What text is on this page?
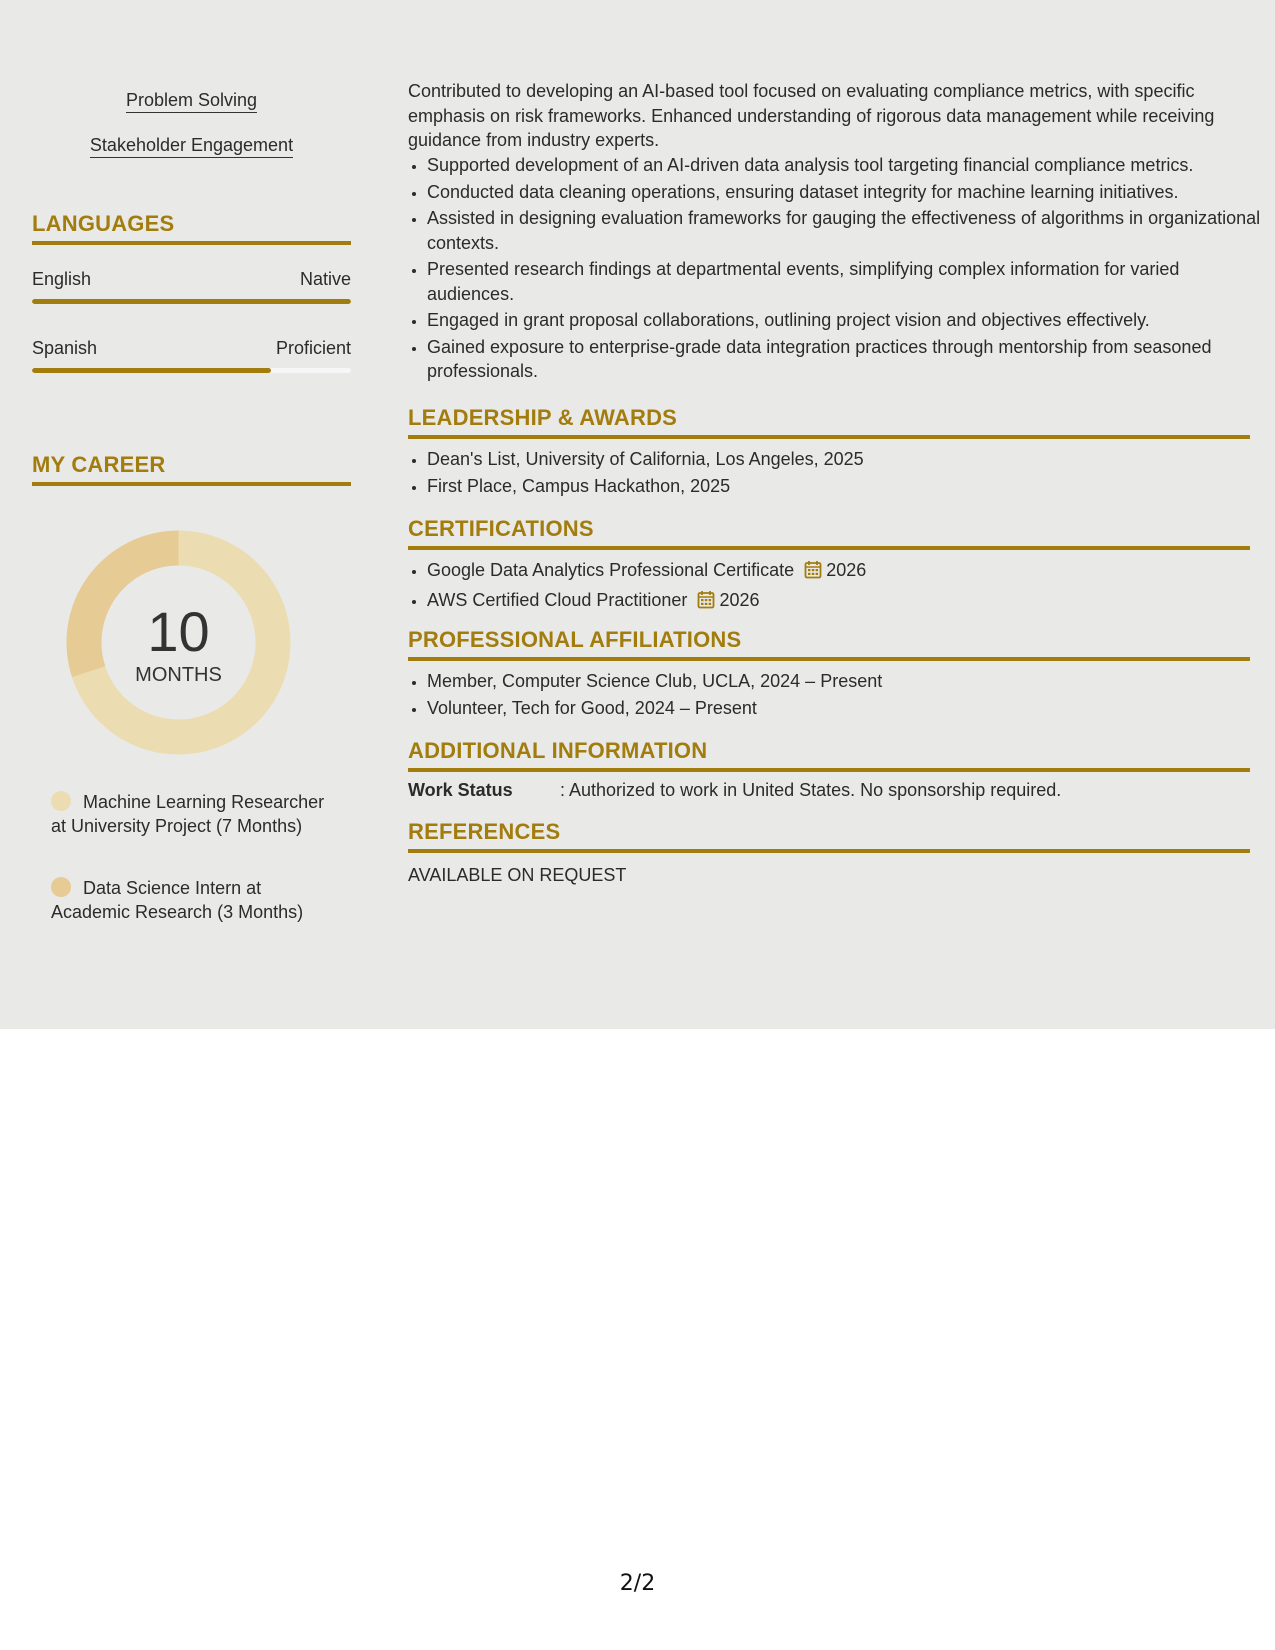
Problem Solving
Stakeholder Engagement
LANGUAGES
English	Native
Spanish	Proficient
MY CAREER
10
MONTHS
Machine Learning Researcher at University Project (7 Months)
Data Science Intern at Academic Research (3 Months)

Contributed to developing an AI-based tool focused on evaluating compliance metrics, with specific emphasis on risk frameworks. Enhanced understanding of rigorous data management while receiving guidance from industry experts.

• Supported development of an AI-driven data analysis tool targeting financial compliance metrics.
• Conducted data cleaning operations, ensuring dataset integrity for machine learning initiatives.
• Assisted in designing evaluation frameworks for gauging the effectiveness of algorithms in organizational contexts.
• Presented research findings at departmental events, simplifying complex information for varied audiences.
• Engaged in grant proposal collaborations, outlining project vision and objectives effectively.
• Gained exposure to enterprise-grade data integration practices through mentorship from seasoned professionals.
LEADERSHIP & AWARDS
• Dean's List, University of California, Los Angeles, 2025
• First Place, Campus Hackathon, 2025
CERTIFICATIONS
• Google Data Analytics Professional Certificate 2026
• AWS Certified Cloud Practitioner 2026
PROFESSIONAL AFFILIATIONS
• Member, Computer Science Club, UCLA, 2024 – Present
• Volunteer, Tech for Good, 2024 – Present
ADDITIONAL INFORMATION
Work Status	: Authorized to work in United States. No sponsorship required.
REFERENCES
AVAILABLE ON REQUEST
2/2
